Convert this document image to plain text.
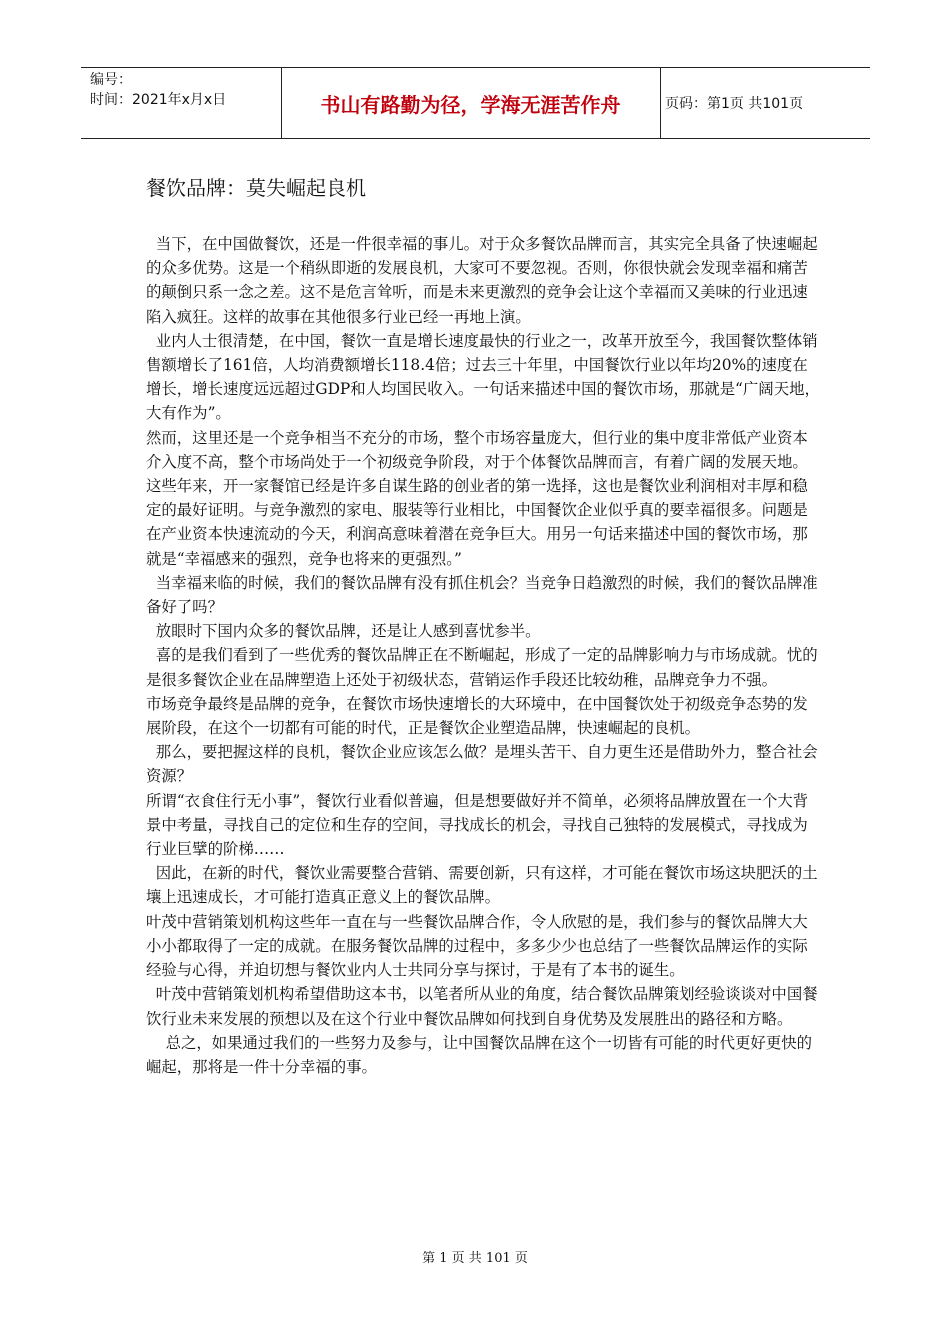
编号：
时间：2021年x月x日	书山有路勤为径，学海无涯苦作舟	页码：第1页 共101页
餐饮品牌：莫失崛起良机

当下，在中国做餐饮，还是一件很幸福的事儿。对于众多餐饮品牌而言，其实完全具备了快速崛起的众多优势。这是一个稍纵即逝的发展良机，大家可不要忽视。否则，你很快就会发现幸福和痛苦的颠倒只系一念之差。这不是危言耸听，而是未来更激烈的竞争会让这个幸福而又美味的行业迅速陷入疯狂。这样的故事在其他很多行业已经一再地上演。

业内人士很清楚，在中国，餐饮一直是增长速度最快的行业之一，改革开放至今，我国餐饮整体销售额增长了161倍，人均消费额增长118.4倍；过去三十年里，中国餐饮行业以年均20%的速度在增长，增长速度远远超过GDP和人均国民收入。一句话来描述中国的餐饮市场，那就是“广阔天地，大有作为”。

然而，这里还是一个竞争相当不充分的市场，整个市场容量庞大，但行业的集中度非常低产业资本介入度不高，整个市场尚处于一个初级竞争阶段，对于个体餐饮品牌而言，有着广阔的发展天地。这些年来，开一家餐馆已经是许多自谋生路的创业者的第一选择，这也是餐饮业利润相对丰厚和稳定的最好证明。与竞争激烈的家电、服装等行业相比，中国餐饮企业似乎真的要幸福很多。问题是在产业资本快速流动的今天，利润高意味着潜在竞争巨大。用另一句话来描述中国的餐饮市场，那就是“幸福感来的强烈，竞争也将来的更强烈。”

当幸福来临的时候，我们的餐饮品牌有没有抓住机会？当竞争日趋激烈的时候，我们的餐饮品牌准备好了吗？

放眼时下国内众多的餐饮品牌，还是让人感到喜忧参半。

喜的是我们看到了一些优秀的餐饮品牌正在不断崛起，形成了一定的品牌影响力与市场成就。忧的是很多餐饮企业在品牌塑造上还处于初级状态，营销运作手段还比较幼稚，品牌竞争力不强。

市场竞争最终是品牌的竞争，在餐饮市场快速增长的大环境中，在中国餐饮处于初级竞争态势的发展阶段，在这个一切都有可能的时代，正是餐饮企业塑造品牌，快速崛起的良机。

那么，要把握这样的良机，餐饮企业应该怎么做？是埋头苦干、自力更生还是借助外力，整合社会资源？

所谓“衣食住行无小事”，餐饮行业看似普遍，但是想要做好并不简单，必须将品牌放置在一个大背景中考量，寻找自己的定位和生存的空间，寻找成长的机会，寻找自己独特的发展模式，寻找成为行业巨擘的阶梯……

因此，在新的时代，餐饮业需要整合营销、需要创新，只有这样，才可能在餐饮市场这块肥沃的土壤上迅速成长，才可能打造真正意义上的餐饮品牌。

叶茂中营销策划机构这些年一直在与一些餐饮品牌合作，令人欣慰的是，我们参与的餐饮品牌大大小小都取得了一定的成就。在服务餐饮品牌的过程中，多多少少也总结了一些餐饮品牌运作的实际经验与心得，并迫切想与餐饮业内人士共同分享与探讨，于是有了本书的诞生。

叶茂中营销策划机构希望借助这本书，以笔者所从业的角度，结合餐饮品牌策划经验谈谈对中国餐饮行业未来发展的预想以及在这个行业中餐饮品牌如何找到自身优势及发展胜出的路径和方略。

总之，如果通过我们的一些努力及参与，让中国餐饮品牌在这个一切皆有可能的时代更好更快的崛起，那将是一件十分幸福的事。

第 1 页 共 101 页
